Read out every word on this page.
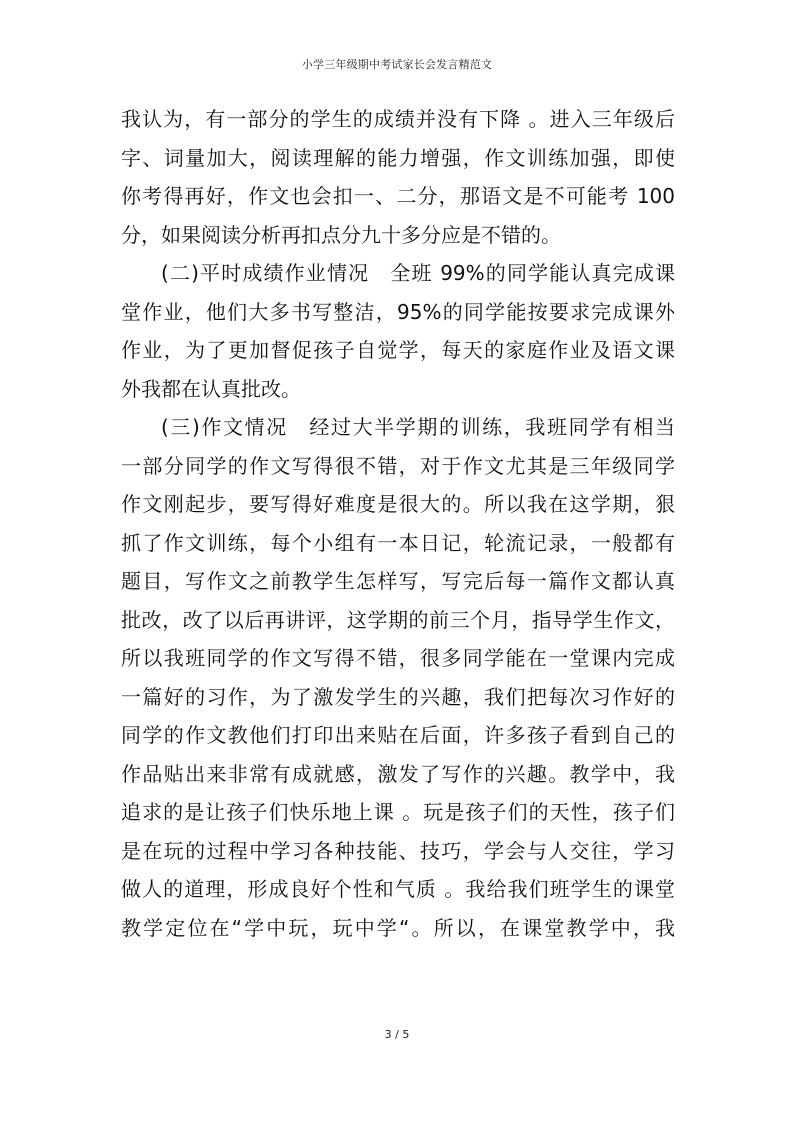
小学三年级期中考试家长会发言精范文
我认为，有一部分的学生的成绩并没有下降 。进入三年级后
字、词量加大，阅读理解的能力增强，作文训练加强，即使
你考得再好，作文也会扣一、二分，那语文是不可能考 100
分，如果阅读分析再扣点分九十多分应是不错的。
(二)平时成绩作业情况　全班 99%的同学能认真完成课
堂作业，他们大多书写整洁，95%的同学能按要求完成课外
作业，为了更加督促孩子自觉学，每天的家庭作业及语文课
外我都在认真批改。
(三)作文情况　经过大半学期的训练，我班同学有相当
一部分同学的作文写得很不错，对于作文尤其是三年级同学
作文刚起步，要写得好难度是很大的。所以我在这学期，狠
抓了作文训练，每个小组有一本日记，轮流记录，一般都有
题目，写作文之前教学生怎样写，写完后每一篇作文都认真
批改，改了以后再讲评，这学期的前三个月，指导学生作文，
所以我班同学的作文写得不错，很多同学能在一堂课内完成
一篇好的习作，为了激发学生的兴趣，我们把每次习作好的
同学的作文教他们打印出来贴在后面，许多孩子看到自己的
作品贴出来非常有成就感，激发了写作的兴趣。教学中，我
追求的是让孩子们快乐地上课 。玩是孩子们的天性，孩子们
是在玩的过程中学习各种技能、技巧，学会与人交往，学习
做人的道理，形成良好个性和气质 。我给我们班学生的课堂
教学定位在“学中玩，玩中学“。所以，在课堂教学中，我
3 / 5
